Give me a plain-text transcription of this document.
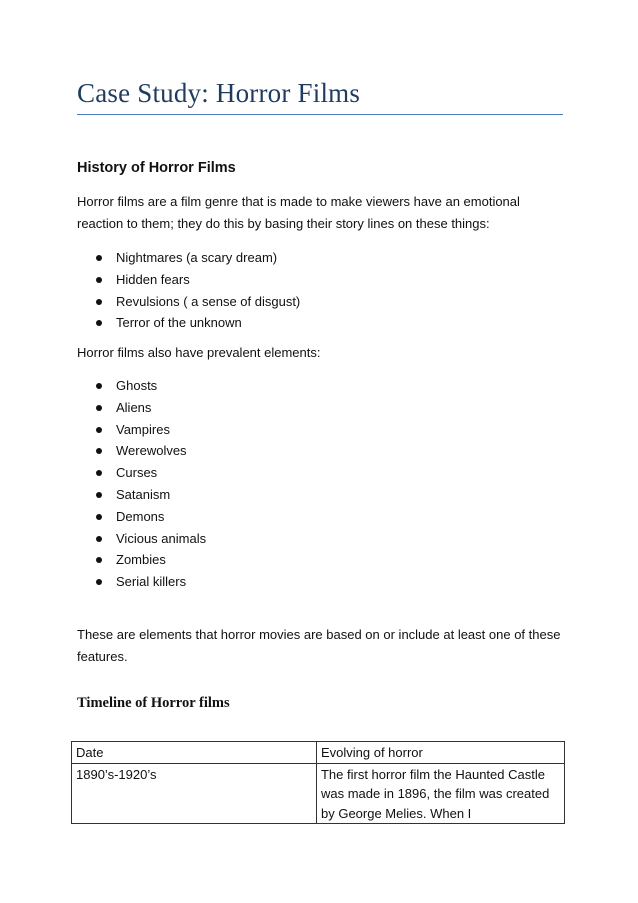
Case Study: Horror Films
History of Horror Films

Horror films are a film genre that is made to make viewers have an emotional reaction to them; they do this by basing their story lines on these things:

Nightmares (a scary dream)
Hidden fears
Revulsions ( a sense of disgust)
Terror of the unknown

Horror films also have prevalent elements:

Ghosts
Aliens
Vampires
Werewolves
Curses
Satanism
Demons
Vicious animals
Zombies
Serial killers

These are elements that horror movies are based on or include at least one of these features.

Timeline of Horror films
Date	Evolving of horror
1890’s-1920’s	The first horror film the Haunted Castle was made in 1896, the film was created by George Melies. When I
